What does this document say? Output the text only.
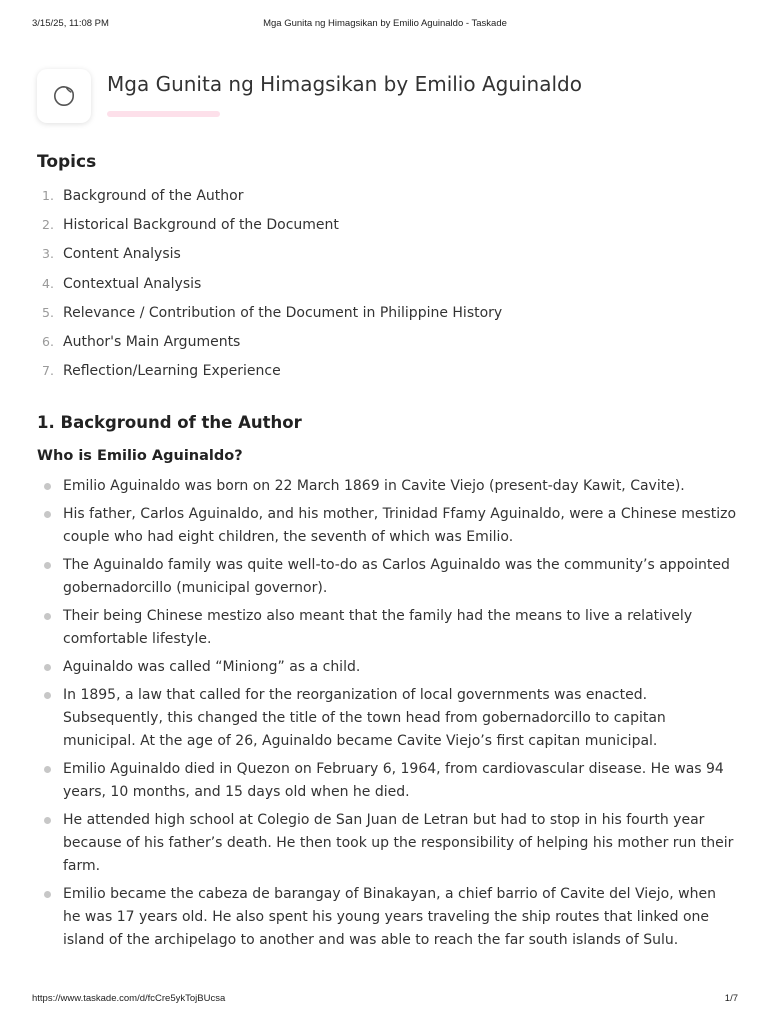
3/15/25, 11:08 PM	Mga Gunita ng Himagsikan by Emilio Aguinaldo - Taskade
Mga Gunita ng Himagsikan by Emilio Aguinaldo
Topics
1. Background of the Author
2. Historical Background of the Document
3. Content Analysis
4. Contextual Analysis
5. Relevance / Contribution of the Document in Philippine History
6. Author's Main Arguments
7. Reflection/Learning Experience
1. Background of the Author
Who is Emilio Aguinaldo?
Emilio Aguinaldo was born on 22 March 1869 in Cavite Viejo (present-day Kawit, Cavite).
His father, Carlos Aguinaldo, and his mother, Trinidad Ffamy Aguinaldo, were a Chinese mestizo couple who had eight children, the seventh of which was Emilio.
The Aguinaldo family was quite well-to-do as Carlos Aguinaldo was the community’s appointed gobernadorcillo (municipal governor).
Their being Chinese mestizo also meant that the family had the means to live a relatively comfortable lifestyle.
Aguinaldo was called “Miniong” as a child.
In 1895, a law that called for the reorganization of local governments was enacted. Subsequently, this changed the title of the town head from gobernadorcillo to capitan municipal. At the age of 26, Aguinaldo became Cavite Viejo’s first capitan municipal.
Emilio Aguinaldo died in Quezon on February 6, 1964, from cardiovascular disease. He was 94 years, 10 months, and 15 days old when he died.
He attended high school at Colegio de San Juan de Letran but had to stop in his fourth year because of his father’s death. He then took up the responsibility of helping his mother run their farm.
Emilio became the cabeza de barangay of Binakayan, a chief barrio of Cavite del Viejo, when he was 17 years old. He also spent his young years traveling the ship routes that linked one island of the archipelago to another and was able to reach the far south islands of Sulu.
https://www.taskade.com/d/fcCre5ykTojBUcsa	1/7
